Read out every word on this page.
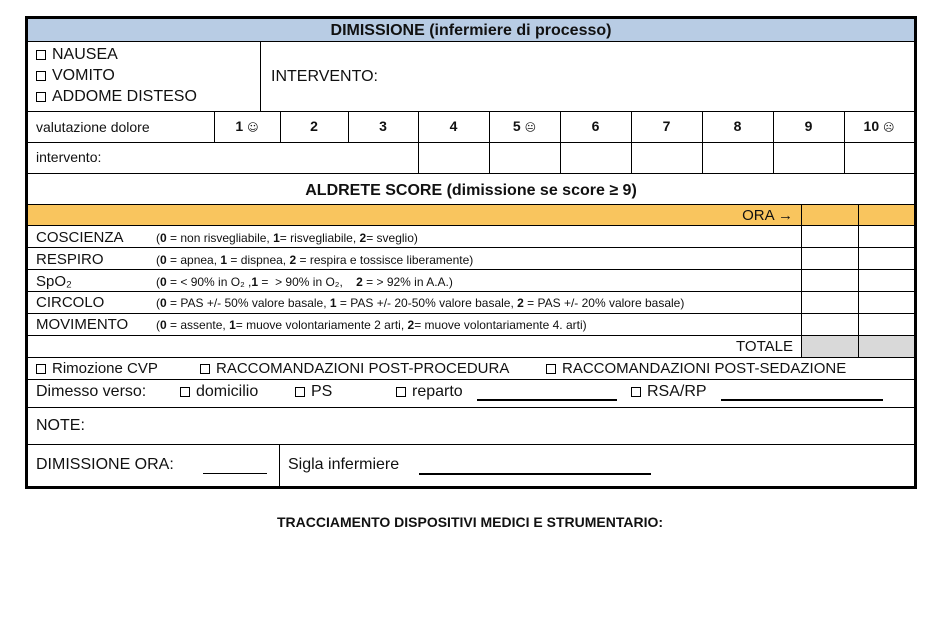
DIMISSIONE (infermiere di processo)
NAUSEA
VOMITO
ADDOME DISTESO
INTERVENTO:
valutazione dolore	1 ☺	2	3	4	5 😐	6	7	8	9	10 ☹
intervento:
ALDRETE SCORE (dimissione se score ≥ 9)
ORA →
COSCIENZA	(0 = non risvegliabile, 1= risvegliabile, 2= sveglio)
RESPIRO	(0 = apnea, 1 = dispnea, 2 = respira e tossisce liberamente)
SpO₂	(0 = < 90% in O₂ ,1 =  > 90% in O₂,    2 = > 92% in A.A.)
CIRCOLO	(0 = PAS +/- 50% valore basale, 1 = PAS +/- 20-50% valore basale, 2 = PAS +/- 20% valore basale)
MOVIMENTO (0 = assente, 1= muove volontariamente 2 arti, 2= muove volontariamente 4. arti)
TOTALE
Rimozione CVP	RACCOMANDAZIONI POST-PROCEDURA	RACCOMANDAZIONI POST-SEDAZIONE
Dimesso verso:	domicilio	PS	reparto	RSA/RP
NOTE:
DIMISSIONE ORA:	Sigla infermiere
TRACCIAMENTO DISPOSITIVI MEDICI E STRUMENTARIO:
